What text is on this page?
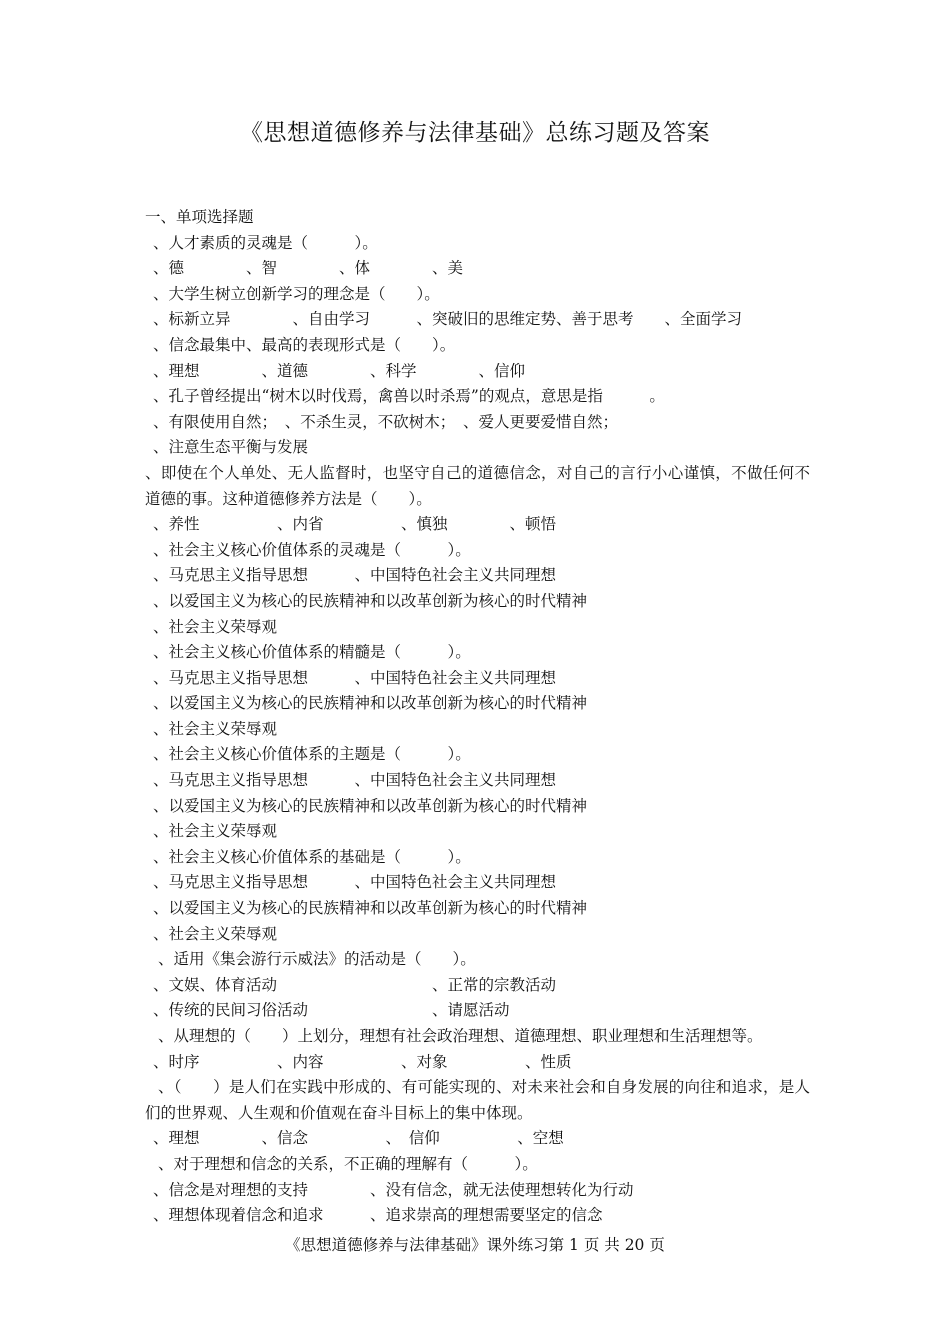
《思想道德修养与法律基础》总练习题及答案
一、单项选择题
、人才素质的灵魂是（　　　）。
、德　　　　、智　　　　、体　　　　、美
、大学生树立创新学习的理念是（　　）。
、标新立异　　　　、自由学习　　　、突破旧的思维定势、善于思考　　、全面学习
、信念最集中、最高的表现形式是（　　）。
、理想　　　　、道德　　　　、科学　　　　、信仰
、孔子曾经提出“树木以时伐焉，禽兽以时杀焉”的观点，意思是指　　　。
、有限使用自然；　、不杀生灵，不砍树木；　、爱人更要爱惜自然；
、注意生态平衡与发展
、即使在个人单处、无人监督时，也坚守自己的道德信念，对自己的言行小心谨慎，不做任何不道德的事。这种道德修养方法是（　　）。
、养性　　　　　、内省　　　　　、慎独　　　　、顿悟
、社会主义核心价值体系的灵魂是（　　　）。
、马克思主义指导思想　　　、中国特色社会主义共同理想
、以爱国主义为核心的民族精神和以改革创新为核心的时代精神
、社会主义荣辱观
、社会主义核心价值体系的精髓是（　　　）。
、马克思主义指导思想　　　、中国特色社会主义共同理想
、以爱国主义为核心的民族精神和以改革创新为核心的时代精神
、社会主义荣辱观
、社会主义核心价值体系的主题是（　　　）。
、马克思主义指导思想　　　、中国特色社会主义共同理想
、以爱国主义为核心的民族精神和以改革创新为核心的时代精神
、社会主义荣辱观
、社会主义核心价值体系的基础是（　　　）。
、马克思主义指导思想　　　、中国特色社会主义共同理想
、以爱国主义为核心的民族精神和以改革创新为核心的时代精神
、社会主义荣辱观
、适用《集会游行示威法》的活动是（　　）。
、文娱、体育活动　　　　　　　　　　、正常的宗教活动
、传统的民间习俗活动　　　　　　　　、请愿活动
、从理想的（　　）上划分，理想有社会政治理想、道德理想、职业理想和生活理想等。
、时序　　　　　、内容　　　　　、对象　　　　　、性质
、（　　）是人们在实践中形成的、有可能实现的、对未来社会和自身发展的向往和追求，是人们的世界观、人生观和价值观在奋斗目标上的集中体现。
、理想　　　　、信念　　　　　、　信仰　　　　　、空想
、对于理想和信念的关系，不正确的理解有（　　　）。
、信念是对理想的支持　　　　、没有信念，就无法使理想转化为行动
、理想体现着信念和追求　　　、追求崇高的理想需要坚定的信念
《思想道德修养与法律基础》课外练习第 1 页 共 20 页
